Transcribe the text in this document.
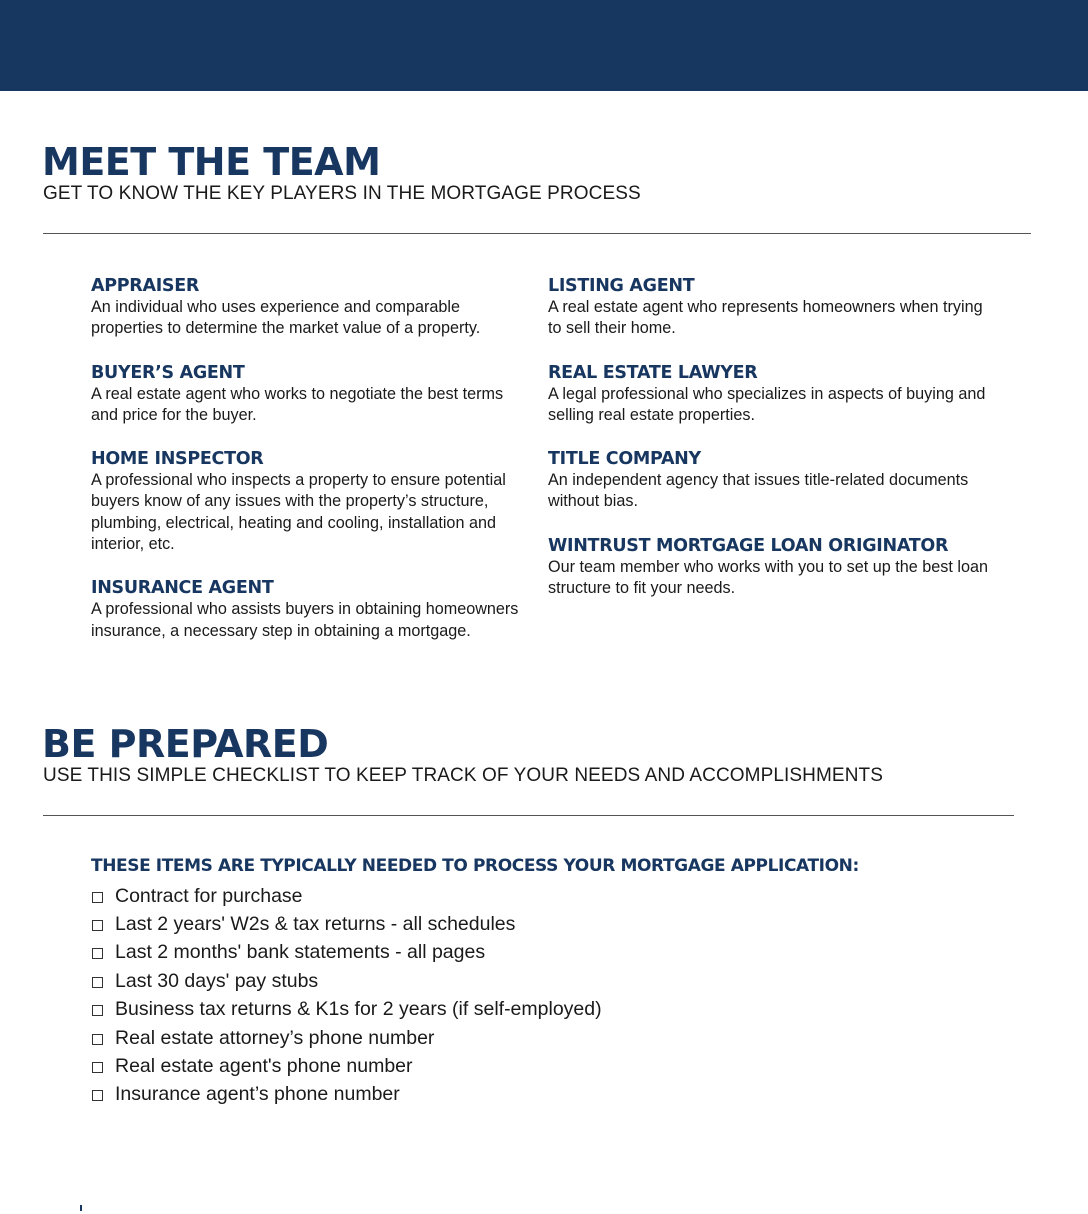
MEET THE TEAM

GET TO KNOW THE KEY PLAYERS IN THE MORTGAGE PROCESS

APPRAISER

An individual who uses experience and comparable properties to determine the market value of a property.

BUYER’S AGENT

A real estate agent who works to negotiate the best terms and price for the buyer.

HOME INSPECTOR

A professional who inspects a property to ensure potential buyers know of any issues with the property’s structure, plumbing, electrical, heating and cooling, installation and interior, etc.

INSURANCE AGENT

A professional who assists buyers in obtaining homeowners insurance, a necessary step in obtaining a mortgage.

LISTING AGENT

A real estate agent who represents homeowners when trying to sell their home.

REAL ESTATE LAWYER

A legal professional who specializes in aspects of buying and selling real estate properties.

TITLE COMPANY

An independent agency that issues title-related documents without bias.

WINTRUST MORTGAGE LOAN ORIGINATOR

Our team member who works with you to set up the best loan structure to fit your needs.

BE PREPARED

USE THIS SIMPLE CHECKLIST TO KEEP TRACK OF YOUR NEEDS AND ACCOMPLISHMENTS

THESE ITEMS ARE TYPICALLY NEEDED TO PROCESS YOUR MORTGAGE APPLICATION:

Contract for purchase
Last 2 years' W2s & tax returns - all schedules
Last 2 months' bank statements - all pages
Last 30 days' pay stubs
Business tax returns & K1s for 2 years (if self-employed)
Real estate attorney’s phone number
Real estate agent's phone number
Insurance agent’s phone number
